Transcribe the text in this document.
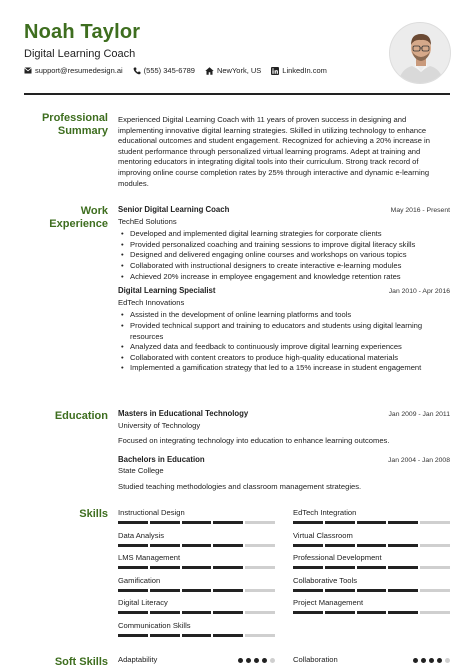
Noah Taylor
Digital Learning Coach
support@resumedesign.ai	(555) 345-6789	NewYork, US	LinkedIn.com
Professional Summary
Experienced Digital Learning Coach with 11 years of proven success in designing and implementing innovative digital learning strategies. Skilled in utilizing technology to enhance educational outcomes and student engagement. Recognized for achieving a 20% increase in student performance through personalized virtual learning programs. Adept at training and mentoring educators in integrating digital tools into their curriculum. Strong track record of improving online course completion rates by 25% through interactive and dynamic e-learning modules.
Work Experience
Senior Digital Learning Coach	May 2016 - Present
TechEd Solutions
• Developed and implemented digital learning strategies for corporate clients
• Provided personalized coaching and training sessions to improve digital literacy skills
• Designed and delivered engaging online courses and workshops on various topics
• Collaborated with instructional designers to create interactive e-learning modules
• Achieved 20% increase in employee engagement and knowledge retention rates
Digital Learning Specialist	Jan 2010 - Apr 2016
EdTech Innovations
• Assisted in the development of online learning platforms and tools
• Provided technical support and training to educators and students using digital learning resources
• Analyzed data and feedback to continuously improve digital learning experiences
• Collaborated with content creators to produce high-quality educational materials
• Implemented a gamification strategy that led to a 15% increase in student engagement
Education Masters in Educational Technology	Jan 2009 - Jan 2011
University of Technology
Focused on integrating technology into education to enhance learning outcomes.
Bachelors in Education	Jan 2004 - Jan 2008
State College
Studied teaching methodologies and classroom management strategies.
Skills Instructional Design	EdTech Integration
Data Analysis	Virtual Classroom
LMS Management	Professional Development
Gamification	Collaborative Tools
Digital Literacy	Project Management
Communication Skills
Soft Skills Adaptability	Collaboration
